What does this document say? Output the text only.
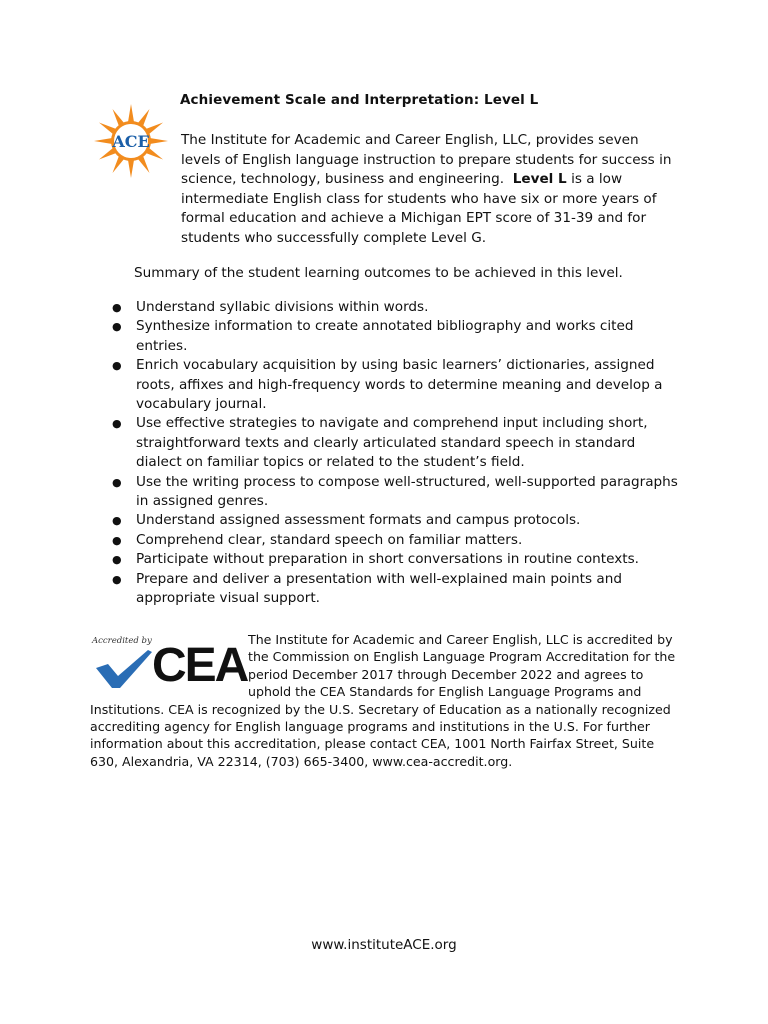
ACE
Achievement Scale and Interpretation: Level L
The Institute for Academic and Career English, LLC, provides seven levels of English language instruction to prepare students for success in science, technology, business and engineering. Level L is a low intermediate English class for students who have six or more years of formal education and achieve a Michigan EPT score of 31-39 and for students who successfully complete Level G.
Summary of the student learning outcomes to be achieved in this level.
● Understand syllabic divisions within words.
● Synthesize information to create annotated bibliography and works cited entries.
● Enrich vocabulary acquisition by using basic learners’ dictionaries, assigned roots, affixes and high-frequency words to determine meaning and develop a vocabulary journal.
● Use effective strategies to navigate and comprehend input including short, straightforward texts and clearly articulated standard speech in standard dialect on familiar topics or related to the student’s field.
● Use the writing process to compose well-structured, well-supported paragraphs in assigned genres.
● Understand assigned assessment formats and campus protocols.
● Comprehend clear, standard speech on familiar matters.
● Participate without preparation in short conversations in routine contexts.
● Prepare and deliver a presentation with well-explained main points and appropriate visual support.
The Institute for Academic and Career English, LLC is accredited by the Commission on English Language Program Accreditation for the period December 2017 through December 2022 and agrees to uphold the CEA Standards for English Language Programs and Institutions. CEA is recognized by the U.S. Secretary of Education as a nationally recognized accrediting agency for English language programs and institutions in the U.S. For further information about this accreditation, please contact CEA, 1001 North Fairfax Street, Suite 630, Alexandria, VA 22314, (703) 665-3400, www.cea-accredit.org.
Accredited by CEA
www.instituteACE.org
